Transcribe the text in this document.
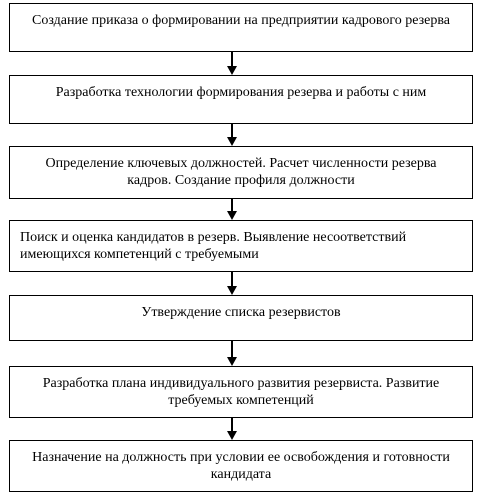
Создание приказа о формировании на предприятии кадрового резерва
Разработка технологии формирования резерва и работы с ним
Определение ключевых должностей. Расчет численности резерва кадров. Создание профиля должности
Поиск и оценка кандидатов в резерв. Выявление несоответствий имеющихся компетенций с требуемыми
Утверждение списка резервистов
Разработка плана индивидуального развития резервиста. Развитие требуемых компетенций
Назначение на должность при условии ее освобождения и готовности кандидата
